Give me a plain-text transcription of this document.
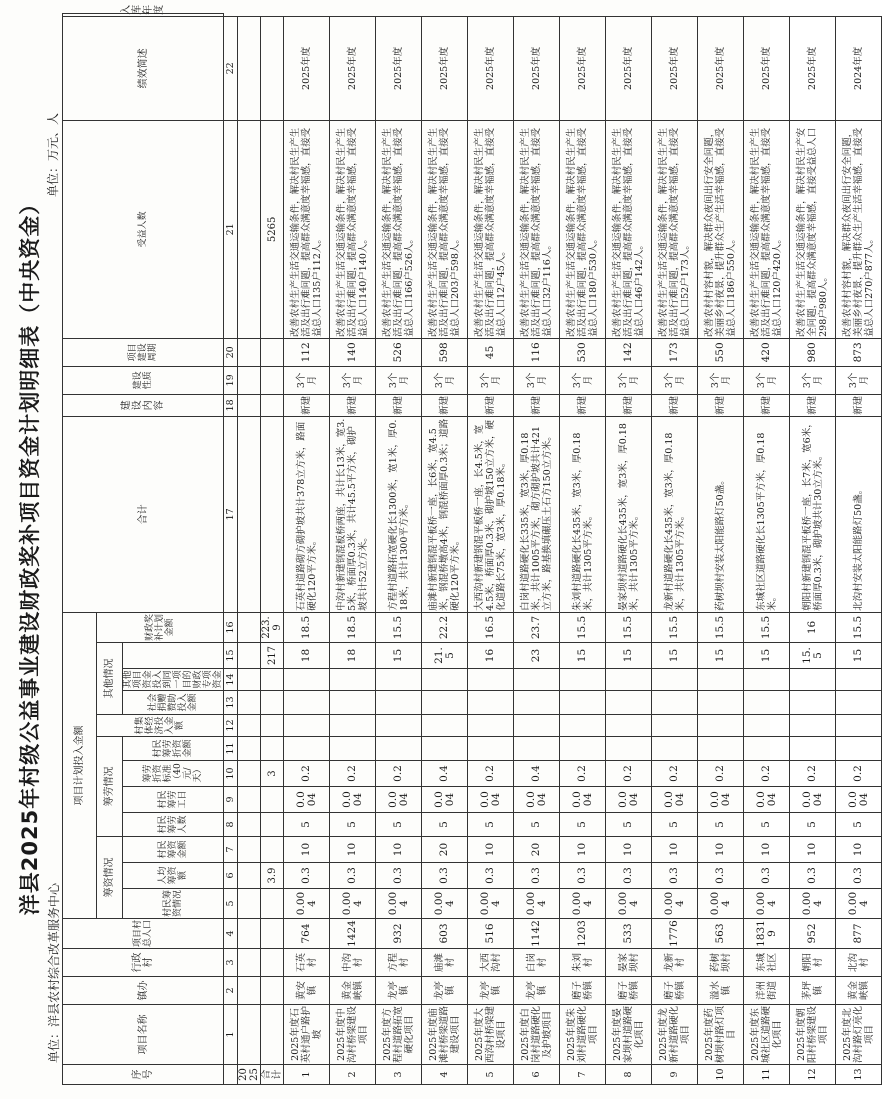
洋县2025年村级公益事业建设财政奖补项目资金计划明细表（中央资金）
单位：洋县农村综合改革服务中心
单位：万元、人
序号	项目名称	镇办	行政村	项目村总人口	项目计划投入金额												合计	建设内容	建设性质	项目建设周期	受益人数	绩效简述	入库年度
					筹资情况			筹劳情况				村集体经济投入金额	其他情况			财政奖补计划金额							
					村民筹资情况	人均筹资额	村民筹资金额	村民筹劳人数	村民筹劳工日	筹劳折资标准（40元/天）	村民筹劳折资金额		社会捐赠赞助投入金额	其他项目资金投入到同一项目的财政专项资金									
	1	2	3	4	5	6	7	8	9	10	11	12	13	14	15	16	17	18	19	20	21	22	
2025																							
合计						3.9				3					217	223.9					5265		
1	2025年度石英村通户路护坡	黄安镇	石英村	764	0.004	0.3	10	5	0.004	0.2					18	18.5	石英村道路砌方砌护坡共计378立方米，路面硬化120平方米。	新建	3个月	112	改善农村生产生活交通运输条件，解决村民生产生活及出行难问题，提高群众满意度幸福感，直接受益总人口135户112人。	2025年度	
2	2025年度中沟村桥梁建设项目	黄金峡镇	中沟村	1424	0.004	0.3	10	5	0.004	0.2					18	18.5	中沟村新建钢混板桥两座，共计长13米，宽3.5米，桥面厚0.3米，共计45.5平方米，砌护坡共计52立方米。	新建	3个月	140	改善农村生产生活交通运输条件，解决村民生产生活及出行难问题，提高群众满意度幸福感，直接受益总人口140户140人。	2025年度	
3	2025年度方程村道路拓宽硬化项目	龙亭镇	方程村	932	0.004	0.3	10	5	0.004	0.2					15	15.5	方程村道路拓宽硬化长1300米，宽1米，厚0.18米，共计1300平方米。	新建	3个月	526	改善农村生产生活交通运输条件，解决村民生产生活及出行难问题，提高群众满意度幸福感，直接受益总人口166户526人。	2025年度	
4	2025年度庙滩村桥梁道路建设项目	龙亭镇	庙滩村	603	0.004	0.3	20	5	0.004	0.4					21.5	22.2	庙滩村新建钢混平板桥一座，长6米，宽4.5米，钢混桥墩高4米，钢混桥面厚0.3米；道路硬化120平方米。	新建	3个月	598	改善农村生产生活交通运输条件，解决村民生产生活及出行难问题，提高群众满意度幸福感，直接受益总人口203户598人。	2025年度	
5	2025年度大西沟村桥梁建设项目	龙亭镇	大西沟村	516	0.004	0.3	10	5	0.004	0.2					16	16.5	大西沟村新建钢混平板桥一座，长4.5米，宽4.5米，桥面厚0.3米，砌护坡150立方米，硬化道路长75米，宽3米，厚0.18米。	新建	3个月	45	改善农村生产生活交通运输条件，解决村民生产生活及出行难问题，提高群众满意度幸福感，直接受益总人口12户45人。	2025年度	
6	2025年度白岗村道路硬化及护坡项目	龙亭镇	白岗村	1142	0.004	0.3	20	5	0.004	0.4					23	23.7	白岗村道路硬化长335米，宽3米，厚0.18米，共计1005平方米，砌方砌护坡共计421立方米，路基换填碾压土石方150立方米。	新建	3个月	116	改善农村生产生活交通运输条件，解决村民生产生活及出行难问题，提高群众满意度幸福感，直接受益总人口32户116人。	2025年度	
7	2025年度朱刘村道路硬化项目	磨子桥镇	朱刘村	1203	0.004	0.3	10	5	0.004	0.2					15	15.5	朱刘村道路硬化长435米，宽3米，厚0.18米，共计1305平方米。	新建	3个月	530	改善农村生产生活交通运输条件，解决村民生产生活及出行难问题，提高群众满意度幸福感，直接受益总人口180户530人。	2025年度	
8	2025年度晏家坝村道路硬化项目	磨子桥镇	晏家坝村	533	0.004	0.3	10	5	0.004	0.2					15	15.5	晏家坝村道路硬化长435米，宽3米，厚0.18米，共计1305平方米。	新建	3个月	142	改善农村生产生活交通运输条件，解决村民生产生活及出行难问题，提高群众满意度幸福感，直接受益总人口46户142人。	2025年度	
9	2025年度龙新村道路硬化项目	磨子桥镇	龙新村	1776	0.004	0.3	10	5	0.004	0.2					15	15.5	龙新村道路硬化长435米，宽3米，厚0.18米，共计1305平方米。	新建	3个月	173	改善农村生产生活交通运输条件，解决村民生产生活及出行难问题，提高群众满意度幸福感，直接受益总人口52户173人。	2025年度	
10	2025年度药树坝村路灯项目	溢水镇	药树坝村	563	0.004	0.3	10	5	0.004	0.2					15	15.5	药树坝村安装太阳能路灯50盏。	新建	3个月	550	改善农村村容村貌，解决群众夜间出行安全问题，美丽乡村夜景，提升群众生产生活幸福感，直接受益总人口186户550人。	2025年度	
11	2025年度东城社区道路硬化项目	洋州街道	东城社区	18319	0.004	0.3	10	5	0.004	0.2					15	15.5	东城社区道路硬化长1305平方米，厚0.18米。	新建	3个月	420	改善农村生产生活交通运输条件，解决村民生产生活及出行难问题，提高群众满意度幸福感，直接受益总人口120户420人。	2025年度	
12	2025年度朝阳村桥梁建设项目	茅坪镇	朝阳村	952	0.004	0.3	10	5	0.004	0.2					15.5	16	朝阳村新建钢混平板桥一座，长7米，宽6米，桥面厚0.3米，砌护坡共计30立方米。	新建	3个月	980	改善农村生产生活交通运输条件，解决村民生产安全问题，提高群众满意度幸福感，直接受益总人口298户980人。	2025年度	
13	2025年度北沟村路灯亮化项目	黄金峡镇	北沟村	877	0.004	0.3	10	5	0.004	0.2					15	15.5	北沟村安装太阳能路灯50盏。	新建	3个月	873	改善农村村容村貌，解决群众夜间出行安全问题，美丽乡村夜景，提升群众生产生活幸福感，直接受益总人口270户877人。	2024年度	
